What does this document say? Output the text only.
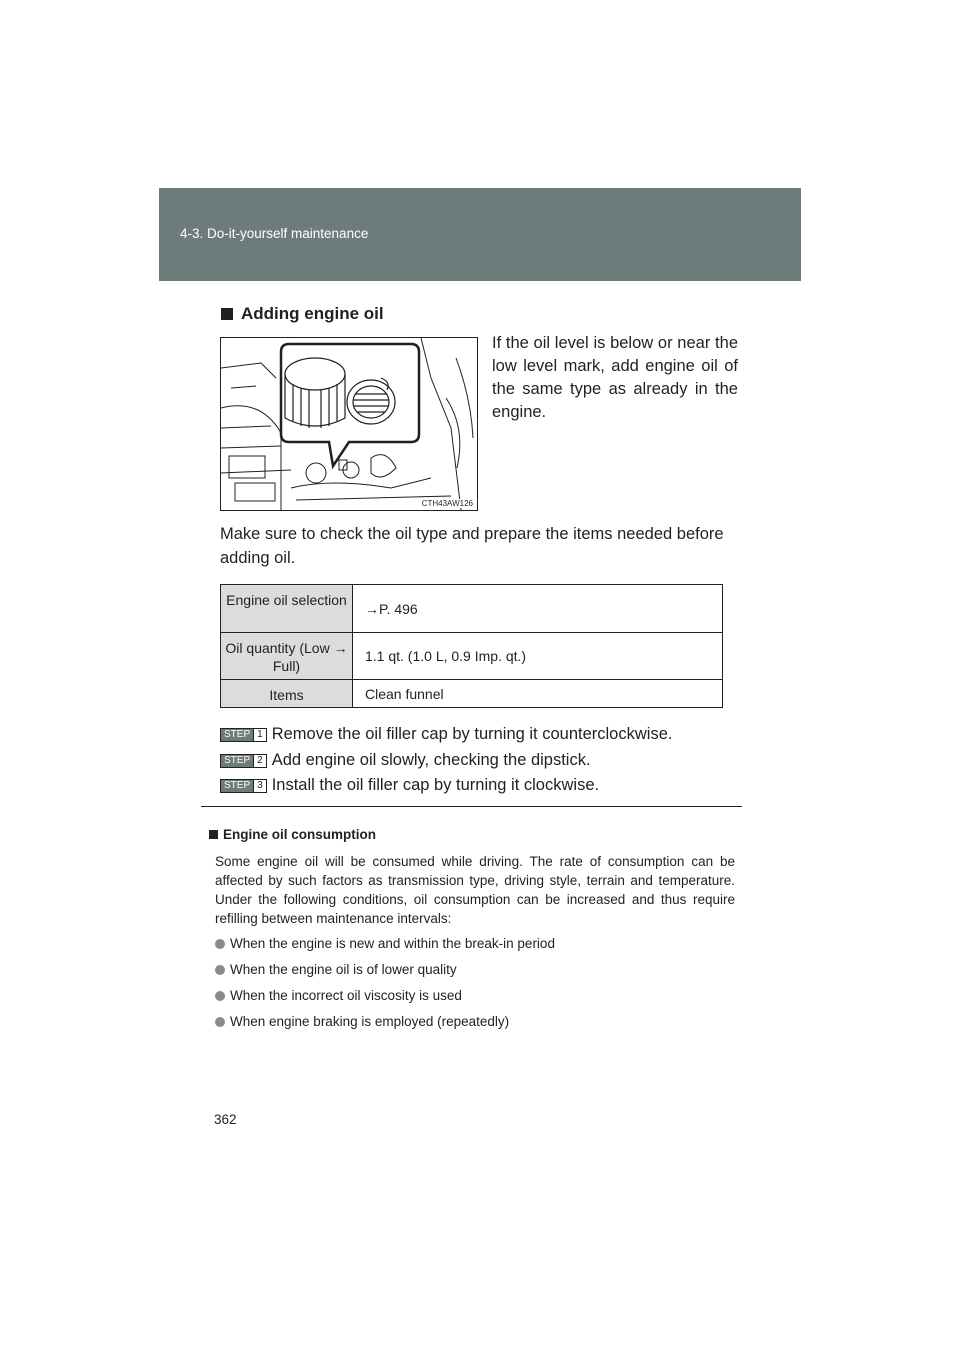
4-3. Do-it-yourself maintenance
Adding engine oil
CTH43AW126
If the oil level is below or near the low level mark, add engine oil of the same type as already in the engine.
Make sure to check the oil type and prepare the items needed before adding oil.
Engine oil selection	→P. 496
Oil quantity (Low → Full)	1.1 qt. (1.0 L, 0.9 Imp. qt.)
Items	Clean funnel
STEP 1 Remove the oil filler cap by turning it counterclockwise.
STEP 2 Add engine oil slowly, checking the dipstick.
STEP 3 Install the oil filler cap by turning it clockwise.
Engine oil consumption
Some engine oil will be consumed while driving. The rate of consumption can be affected by such factors as transmission type, driving style, terrain and temperature. Under the following conditions, oil consumption can be increased and thus require refilling between maintenance intervals:
When the engine is new and within the break-in period
When the engine oil is of lower quality
When the incorrect oil viscosity is used
When engine braking is employed (repeatedly)
362
